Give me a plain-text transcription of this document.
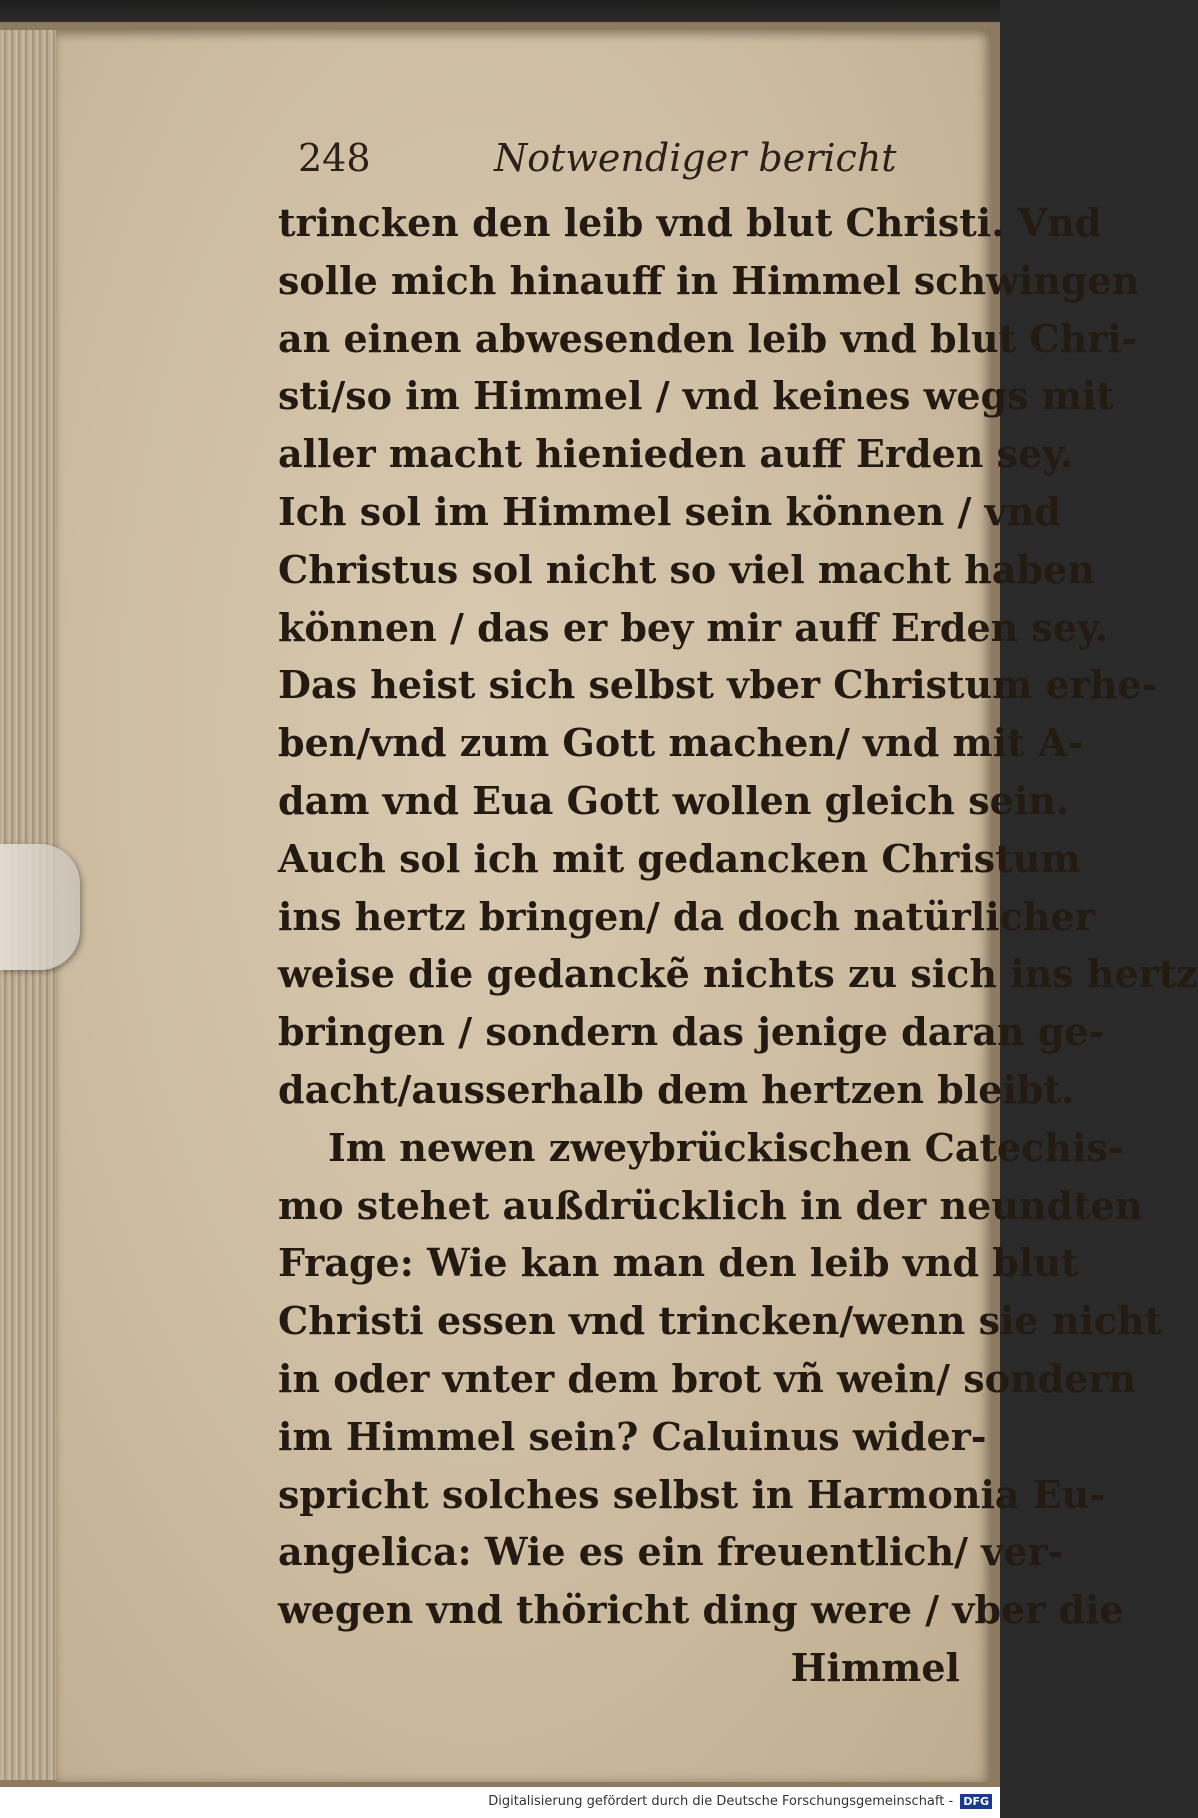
248	Notwendiger bericht
trincken den leib vnd blut Christi. Vnd
solle mich hinauff in Himmel schwingen
an einen abwesenden leib vnd blut Chri-
sti/so im Himmel / vnd keines wegs mit
aller macht hienieden auff Erden sey.
Ich sol im Himmel sein können / vnd
Christus sol nicht so viel macht haben
können / das er bey mir auff Erden sey.
Das heist sich selbst vber Christum erhe-
ben/vnd zum Gott machen/ vnd mit A-
dam vnd Eua Gott wollen gleich sein.
Auch sol ich mit gedancken Christum
ins hertz bringen/ da doch natürlicher
weise die gedanckẽ nichts zu sich ins hertz
bringen / sondern das jenige daran ge-
dacht/ausserhalb dem hertzen bleibt.
Im newen zweybrückischen Catechis-
mo stehet außdrücklich in der neundten
Frage: Wie kan man den leib vnd blut
Christi essen vnd trincken/wenn sie nicht
in oder vnter dem brot vñ wein/ sondern
im Himmel sein? Caluinus wider-
spricht solches selbst in Harmonia Eu-
angelica: Wie es ein freuentlich/ ver-
wegen vnd thöricht ding were / vber die
Himmel
Digitalisierung gefördert durch die Deutsche Forschungsgemeinschaft - DFG
